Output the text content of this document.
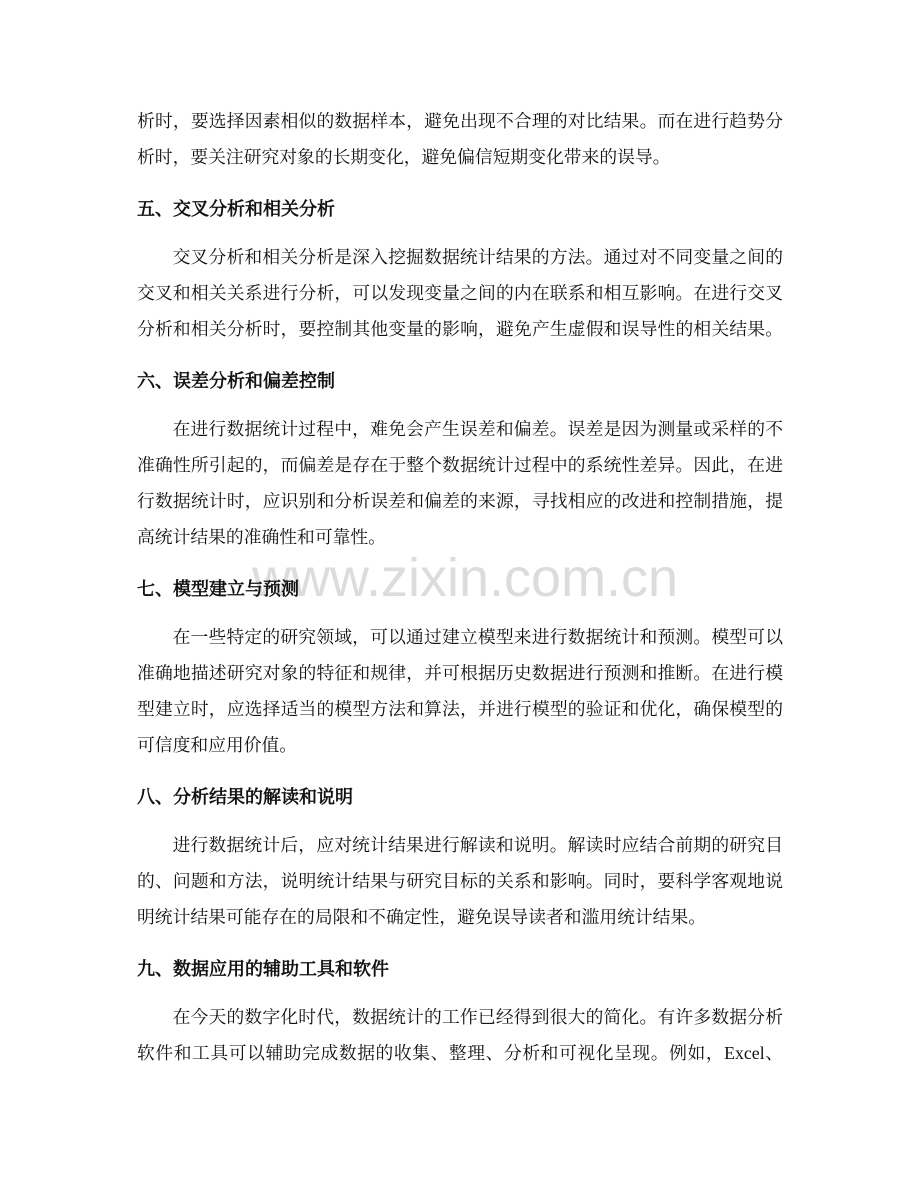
www.zixin.com.cn
析时，要选择因素相似的数据样本，避免出现不合理的对比结果。而在进行趋势分
析时，要关注研究对象的长期变化，避免偏信短期变化带来的误导。
五、交叉分析和相关分析
交叉分析和相关分析是深入挖掘数据统计结果的方法。通过对不同变量之间的
交叉和相关关系进行分析，可以发现变量之间的内在联系和相互影响。在进行交叉
分析和相关分析时，要控制其他变量的影响，避免产生虚假和误导性的相关结果。
六、误差分析和偏差控制
在进行数据统计过程中，难免会产生误差和偏差。误差是因为测量或采样的不
准确性所引起的，而偏差是存在于整个数据统计过程中的系统性差异。因此，在进
行数据统计时，应识别和分析误差和偏差的来源，寻找相应的改进和控制措施，提
高统计结果的准确性和可靠性。
七、模型建立与预测
在一些特定的研究领域，可以通过建立模型来进行数据统计和预测。模型可以
准确地描述研究对象的特征和规律，并可根据历史数据进行预测和推断。在进行模
型建立时，应选择适当的模型方法和算法，并进行模型的验证和优化，确保模型的
可信度和应用价值。
八、分析结果的解读和说明
进行数据统计后，应对统计结果进行解读和说明。解读时应结合前期的研究目
的、问题和方法，说明统计结果与研究目标的关系和影响。同时，要科学客观地说
明统计结果可能存在的局限和不确定性，避免误导读者和滥用统计结果。
九、数据应用的辅助工具和软件
在今天的数字化时代，数据统计的工作已经得到很大的简化。有许多数据分析
软件和工具可以辅助完成数据的收集、整理、分析和可视化呈现。例如，Excel、
